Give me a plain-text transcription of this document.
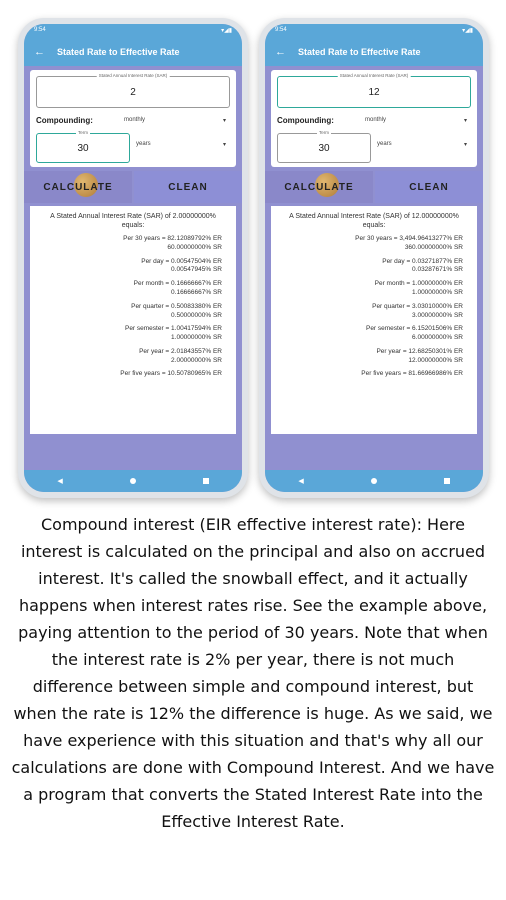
9:54	▾◢▮
← Stated Rate to Effective Rate
Stated Annual Interest Rate (SAR)
2
Compounding:	monthly	▾
Term
30	years	▾
CALCULATE	CLEAN
A Stated Annual Interest Rate (SAR) of 2.00000000% equals:
Per 30 years = 82.12089792% ER
60.00000000% SR
Per day = 0.00547504% ER
0.00547945% SR
Per month = 0.16666667% ER
0.16666667% SR
Per quarter = 0.50083380% ER
0.50000000% SR
Per semester = 1.00417594% ER
1.00000000% SR
Per year = 2.01843557% ER
2.00000000% SR
Per five years = 10.50780965% ER
◀
9:54	▾◢▮
← Stated Rate to Effective Rate
Stated Annual Interest Rate (SAR)
12
Compounding:	monthly	▾
Term
30	years	▾
CALCULATE	CLEAN
A Stated Annual Interest Rate (SAR) of 12.00000000% equals:
Per 30 years = 3,494.96413277% ER
360.00000000% SR
Per day = 0.03271877% ER
0.03287671% SR
Per month = 1.00000000% ER
1.00000000% SR
Per quarter = 3.03010000% ER
3.00000000% SR
Per semester = 6.15201506% ER
6.00000000% SR
Per year = 12.68250301% ER
12.00000000% SR
Per five years = 81.66966986% ER
◀
Compound interest (EIR effective interest rate): Here interest is calculated on the principal and also on accrued interest. It's called the snowball effect, and it actually happens when interest rates rise. See the example above, paying attention to the period of 30 years. Note that when the interest rate is 2% per year, there is not much difference between simple and compound interest, but when the rate is 12% the difference is huge. As we said, we have experience with this situation and that's why all our calculations are done with Compound Interest. And we have a program that converts the Stated Interest Rate into the Effective Interest Rate.
